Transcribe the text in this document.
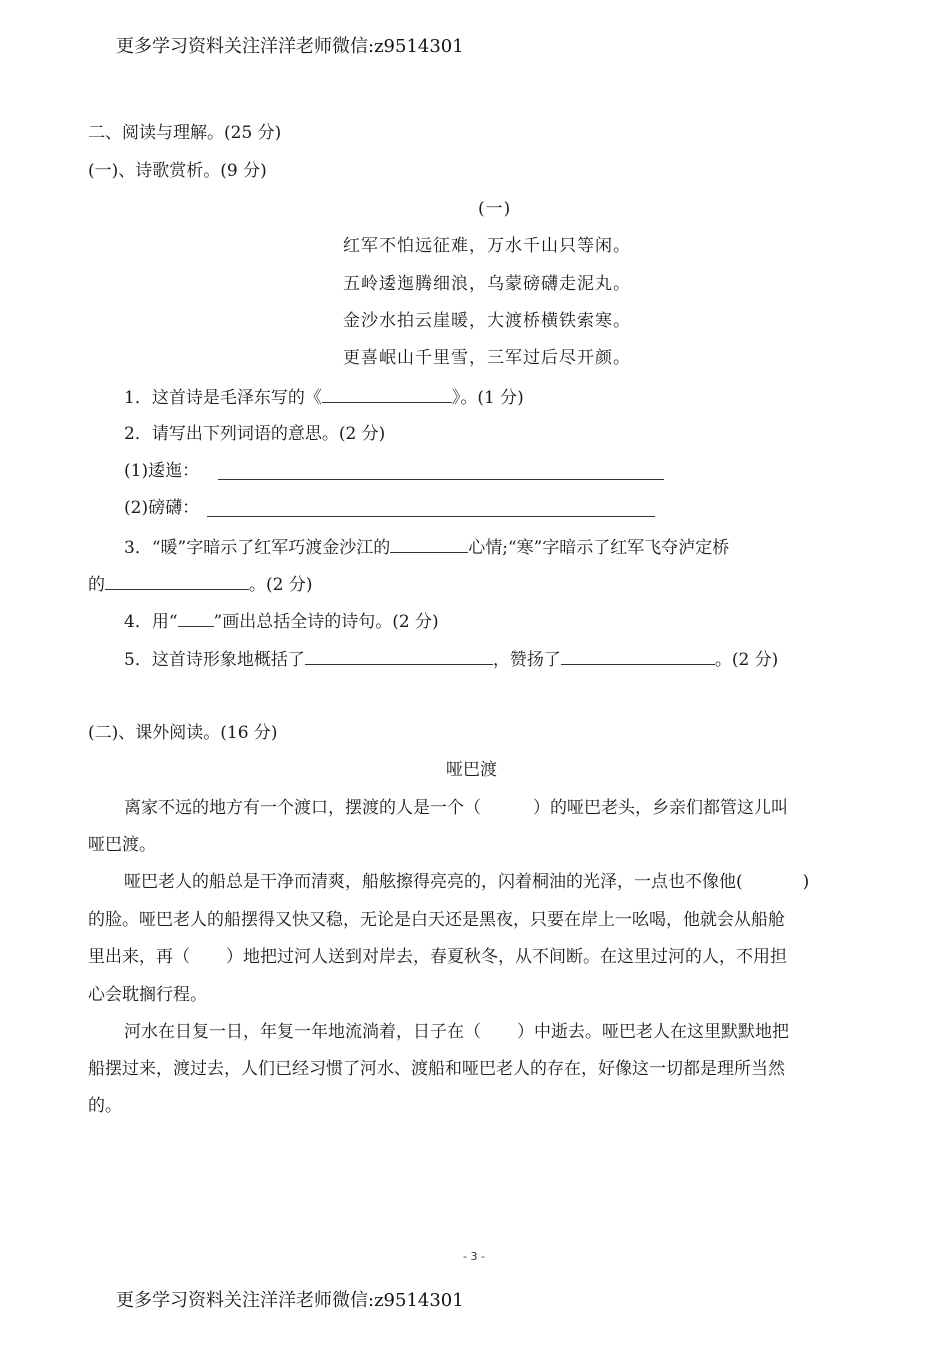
更多学习资料关注洋洋老师微信:z9514301
二、阅读与理解。(25 分)
(一)、诗歌赏析。(9 分)
(一)
红军不怕远征难，万水千山只等闲。
五岭逶迤腾细浪，乌蒙磅礴走泥丸。
金沙水拍云崖暖，大渡桥横铁索寒。
更喜岷山千里雪，三军过后尽开颜。
1．这首诗是毛泽东写的《	》。(1 分)
2．请写出下列词语的意思。(2 分)
(1)逶迤：
(2)磅礴：
3．“暖”字暗示了红军巧渡金沙江的	心情;“寒”字暗示了红军飞夺泸定桥
的	。(2 分)
4．用“ ”画出总括全诗的诗句。(2 分)
5．这首诗形象地概括了	，赞扬了	。(2 分)
(二)、课外阅读。(16 分)
哑巴渡
离家不远的地方有一个渡口，摆渡的人是一个（	）的哑巴老头，乡亲们都管这儿叫
哑巴渡。
哑巴老人的船总是干净而清爽，船舷擦得亮亮的，闪着桐油的光泽，一点也不像他(	)
的脸。哑巴老人的船摆得又快又稳，无论是白天还是黑夜，只要在岸上一吆喝，他就会从船舱
里出来，再（ ）地把过河人送到对岸去，春夏秋冬，从不间断。在这里过河的人，不用担
心会耽搁行程。
河水在日复一日，年复一年地流淌着，日子在（ ）中逝去。哑巴老人在这里默默地把
船摆过来，渡过去，人们已经习惯了河水、渡船和哑巴老人的存在，好像这一切都是理所当然
的。
- 3 -
更多学习资料关注洋洋老师微信:z9514301
